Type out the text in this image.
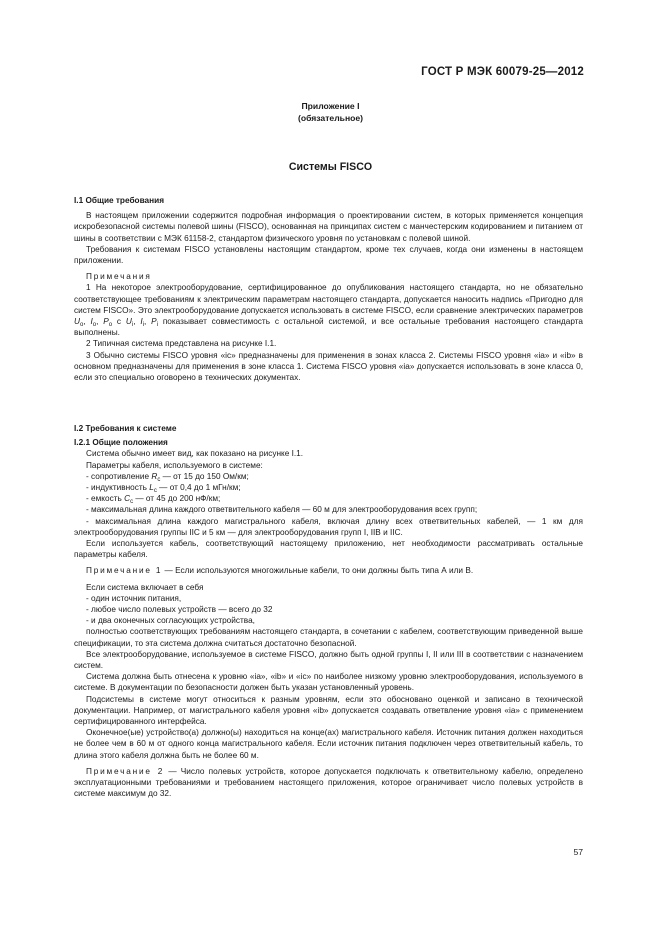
ГОСТ Р МЭК 60079-25—2012
Приложение I
(обязательное)
Системы FISCO

I.1 Общие требования

В настоящем приложении содержится подробная информация о проектировании систем, в которых применяется концепция искробезопасной системы полевой шины (FISCO), основанная на принципах систем с манчестерским кодированием и питанием от шины в соответствии с МЭК 61158-2, стандартом физического уровня по установкам с полевой шиной.

Требования к системам FISCO установлены настоящим стандартом, кроме тех случаев, когда они изменены в настоящем приложении.

Примечания

1 На некоторое электрооборудование, сертифицированное до опубликования настоящего стандарта, но не обязательно соответствующее требованиям к электрическим параметрам настоящего стандарта, допускается наносить надпись «Пригодно для систем FISCO». Это электрооборудование допускается использовать в системе FISCO, если сравнение электрических параметров $U_o$, $I_o$, $P_o$ с $U_i$, $I_i$, $P_i$ показывает совместимость с остальной системой, и все остальные требования настоящего стандарта выполнены.

2 Типичная система представлена на рисунке I.1.

3 Обычно системы FISCO уровня «ic» предназначены для применения в зонах класса 2. Системы FISCO уровня «ia» и «ib» в основном предназначены для применения в зоне класса 1. Система FISCO уровня «ia» допускается использовать в зоне класса 0, если это специально оговорено в технических документах.

I.2 Требования к системе

I.2.1 Общие положения

Система обычно имеет вид, как показано на рисунке I.1.

Параметры кабеля, используемого в системе:

- сопротивление $R_c$ — от 15 до 150 Ом/км;

- индуктивность $L_c$ — от 0,4 до 1 мГн/км;

- емкость $C_c$ — от 45 до 200 нФ/км;

- максимальная длина каждого ответвительного кабеля — 60 м для электрооборудования всех групп;

- максимальная длина каждого магистрального кабеля, включая длину всех ответвительных кабелей, — 1 км для электрооборудования группы IIC и 5 км — для электрооборудования групп I, IIB и IIC.

Если используется кабель, соответствующий настоящему приложению, нет необходимости рассматривать остальные параметры кабеля.

Примечание 1 — Если используются многожильные кабели, то они должны быть типа А или В.

Если система включает в себя

- один источник питания,

- любое число полевых устройств — всего до 32

- и два оконечных согласующих устройства,

полностью соответствующих требованиям настоящего стандарта, в сочетании с кабелем, соответствующим приведенной выше спецификации, то эта система должна считаться достаточно безопасной.

Все электрооборудование, используемое в системе FISCO, должно быть одной группы I, II или III в соответствии с назначением систем.

Система должна быть отнесена к уровню «ia», «ib» и «ic» по наиболее низкому уровню электрооборудования, используемого в системе. В документации по безопасности должен быть указан установленный уровень.

Подсистемы в системе могут относиться к разным уровням, если это обосновано оценкой и записано в технической документации. Например, от магистрального кабеля уровня «ib» допускается создавать ответвление уровня «ia» с применением сертифицированного интерфейса.

Оконечное(ые) устройство(а) должно(ы) находиться на конце(ах) магистрального кабеля. Источник питания должен находиться не более чем в 60 м от одного конца магистрального кабеля. Если источник питания подключен через ответвительный кабель, то длина этого кабеля должна быть не более 60 м.

Примечание 2 — Число полевых устройств, которое допускается подключать к ответвительному кабелю, определено эксплуатационными требованиями и требованием настоящего приложения, которое ограничивает число полевых устройств в системе максимум до 32.

57
